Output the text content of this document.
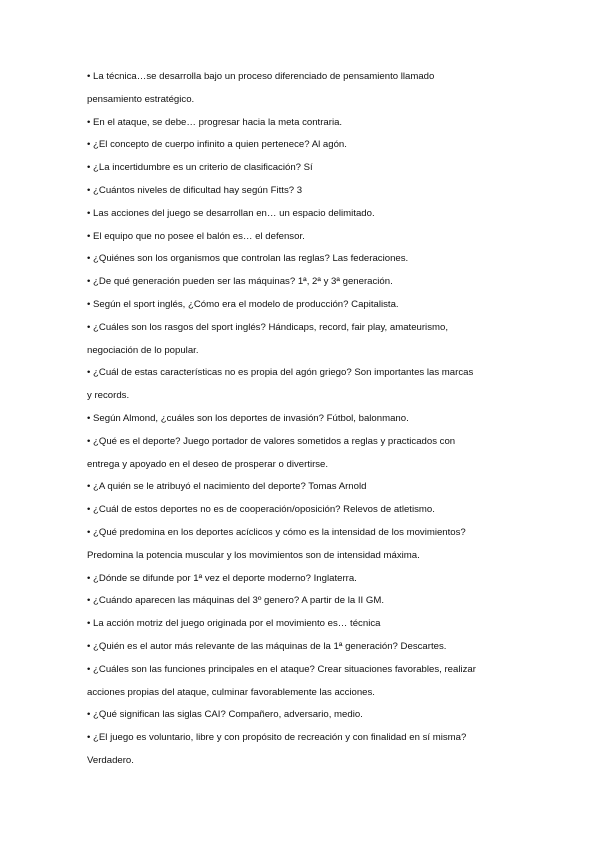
• La técnica…se desarrolla bajo un proceso diferenciado de pensamiento llamado
pensamiento estratégico.
• En el ataque, se debe… progresar hacia la meta contraria.
• ¿El concepto de cuerpo infinito a quien pertenece? Al agón.
• ¿La incertidumbre es un criterio de clasificación? Sí
• ¿Cuántos niveles de dificultad hay según Fitts? 3
• Las acciones del juego se desarrollan en… un espacio delimitado.
• El equipo que no posee el balón es… el defensor.
• ¿Quiénes son los organismos que controlan las reglas? Las federaciones.
• ¿De qué generación pueden ser las máquinas? 1ª, 2ª y 3ª generación.
• Según el sport inglés, ¿Cómo era el modelo de producción? Capitalista.
• ¿Cuáles son los rasgos del sport inglés? Hándicaps, record, fair play, amateurismo,
negociación de lo popular.
• ¿Cuál de estas características no es propia del agón griego? Son importantes las marcas
y records.
• Según Almond, ¿cuáles son los deportes de invasión? Fútbol, balonmano.
• ¿Qué es el deporte? Juego portador de valores sometidos a reglas y practicados con
entrega y apoyado en el deseo de prosperar o divertirse.
• ¿A quién se le atribuyó el nacimiento del deporte? Tomas Arnold
• ¿Cuál de estos deportes no es de cooperación/oposición? Relevos de atletismo.
• ¿Qué predomina en los deportes acíclicos y cómo es la intensidad de los movimientos?
Predomina la potencia muscular y los movimientos son de intensidad máxima.
• ¿Dónde se difunde por 1ª vez el deporte moderno? Inglaterra.
• ¿Cuándo aparecen las máquinas del 3º genero? A partir de la II GM.
• La acción motriz del juego originada por el movimiento es… técnica
• ¿Quién es el autor más relevante de las máquinas de la 1ª generación? Descartes.
• ¿Cuáles son las funciones principales en el ataque? Crear situaciones favorables, realizar
acciones propias del ataque, culminar favorablemente las acciones.
• ¿Qué significan las siglas CAI? Compañero, adversario, medio.
• ¿El juego es voluntario, libre y con propósito de recreación y con finalidad en sí misma?
Verdadero.
